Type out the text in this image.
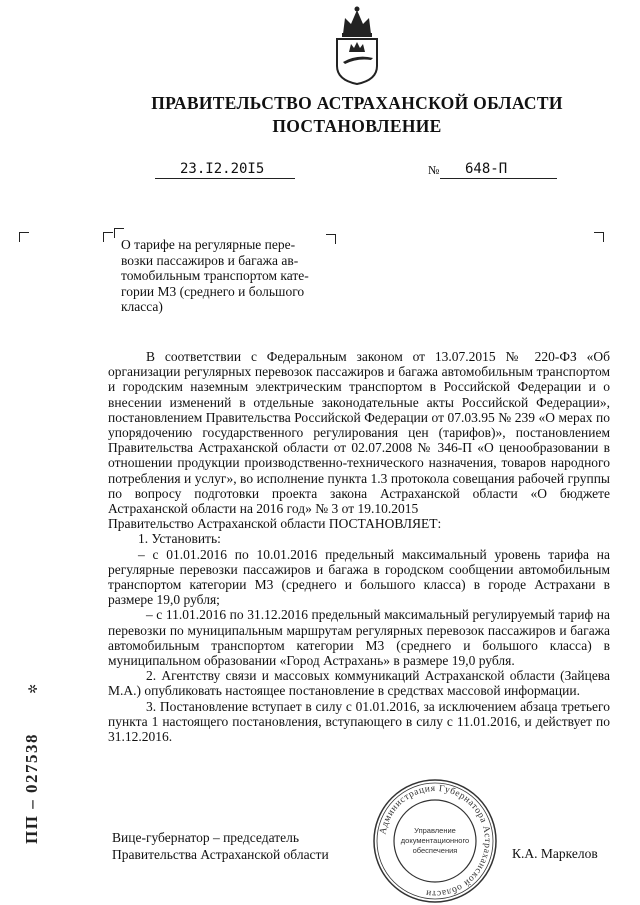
ПРАВИТЕЛЬСТВО АСТРАХАНСКОЙ ОБЛАСТИ
ПОСТАНОВЛЕНИЕ
23.I2.20I5	№ 648-П
О тарифе на регулярные пере-
возки пассажиров и багажа ав-
томобильным транспортом кате-
гории М3 (среднего и большого
класса)

В соответствии с Федеральным законом от 13.07.2015 № 220-ФЗ «Об организации регулярных перевозок пассажиров и багажа автомобильным транспортом и городским наземным электрическим транспортом в Российской Федерации и о внесении изменений в отдельные законодательные акты Российской Федерации», постановлением Правительства Российской Федерации от 07.03.95 № 239 «О мерах по упорядочению государственного регулирования цен (тарифов)», постановлением Правительства Астраханской области от 02.07.2008 № 346-П «О ценообразовании в отношении продукции производственно-технического назначения, товаров народного потребления и услуг», во исполнение пункта 1.3 протокола совещания рабочей группы по вопросу подготовки проекта закона Астраханской области «О бюджете Астраханской области на 2016 год» № 3 от 19.10.2015

Правительство Астраханской области ПОСТАНОВЛЯЕТ:

1. Установить:

– с 01.01.2016 по 10.01.2016 предельный максимальный уровень тарифа на регулярные перевозки пассажиров и багажа в городском сообщении автомобильным транспортом категории М3 (среднего и большого класса) в городе Астрахани в размере 19,0 рубля;

– с 11.01.2016 по 31.12.2016 предельный максимальный регулируемый тариф на перевозки по муниципальным маршрутам регулярных перевозок пассажиров и багажа автомобильным транспортом категории М3 (среднего и большого класса) в муниципальном образовании «Город Астрахань» в размере 19,0 рубля.

2. Агентству связи и массовых коммуникаций Астраханской области (Зайцева М.А.) опубликовать настоящее постановление в средствах массовой информации.

3. Постановление вступает в силу с 01.01.2016, за исключением абзаца третьего пункта 1 настоящего постановления, вступающего в силу с 11.01.2016, и действует по 31.12.2016.

Вице-губернатор – председатель
Правительства Астраханской области	К.А. Маркелов
Администрация Губернатора Астраханской области
Управление
документационного
обеспечения
ПП – 027538
✲
